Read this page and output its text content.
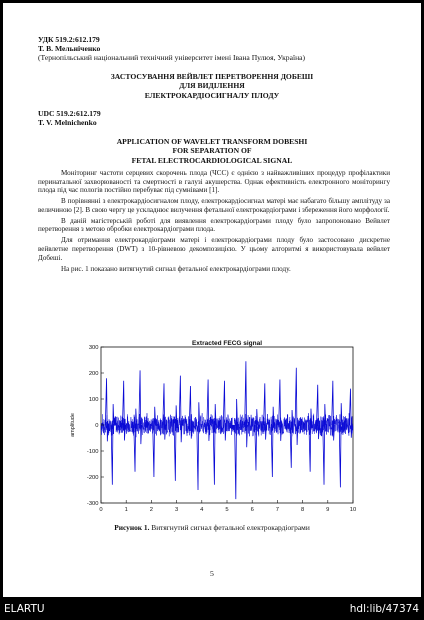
УДК 519.2:612.179
Т. В. Мельнiченко
(Тернопільський національний технічний університет імені Івана Пулюя, Україна)
ЗАСТОСУВАННЯ ВЕЙВЛЕТ ПЕРЕТВОРЕННЯ ДОБЕШІ
ДЛЯ ВИДІЛЕННЯ
ЕЛЕКТРОКАРДІОСИГНАЛУ ПЛОДУ
UDC 519.2:612.179
T. V. Melnichenko
APPLICATION OF WAVELET TRANSFORM DOBESHI
FOR SEPARATION OF
FETAL ELECTROCARDIOLOGICAL SIGNAL

Моніторинг частоти серцевих скорочень плода (ЧСС) є однією з найважливіших процедур профілактики перинатальної захворюваності та смертності в галузі акушерства. Однак ефективність електронного моніторингу плода під час пологів постійно перебуває під сумнівами [1].

В порівнянні з електрокардіосигналом плоду, електрокардіосигнал матері має набагато більшу амплітуду за величиною [2]. В свою чергу це ускладнює вилучення фетальної електрокардіограми і збереження його морфології.

В даній магістерській роботі для виявлення електрокардіограми плоду було запропоновано Вейвлет перетворення з метою обробки електрокардіограми плода.

Для отримання електрокардіограми матері і електрокардіограми плоду було застосовано дискретне вейвлетне перетворення (DWT) з 10-рівневою декомпозицією. У цьому алгоритмі я використовувала вейвлет Добеші.

На рис. 1 показано витягнутий сигнал фетальної електрокардіограми плоду.

0	1	2	3	4	5	6	7	8	9	10
-300
-200
-100
0
100
200
300
Extracted FECG signal
amplitude
Рисунок 1. Витягнутий сигнал фетальної електрокардіограми
5
ELARTU	hdl:lib/47374
